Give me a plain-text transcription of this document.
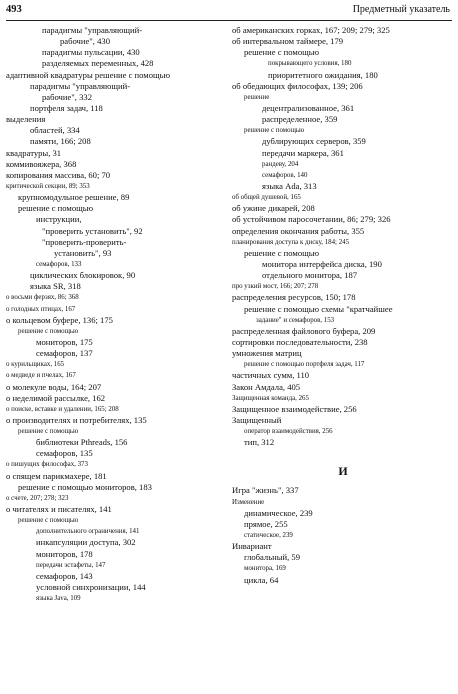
493	Предметный указатель
парадигмы "управляющий-
рабочие", 430
парадигмы пульсации, 430
разделяемых переменных, 428
адаптивной квадратуры решение с помощью
парадигмы "управляющий-
рабочие", 332
портфеля задач, 118
выделения
областей, 334
памяти, 166; 208
квадратуры, 31
коммивояжера, 368
копирования массива, 60; 70
критической секции, 89; 353
крупномодульное решение, 89
решение с помощью
инструкции,
"проверить установить", 92
"проверить-проверить-
установить", 93
семафоров, 133
циклических блокировок, 90
языка SR, 318
о восьми ферзях, 86; 368
о голодных птицах, 167
о кольцевом буфере, 136; 175
решение с помощью
мониторов, 175
семафоров, 137
о курильщиках, 165
о медведе и пчелах, 167
о молекуле воды, 164; 207
о неделимой рассылке, 162
о поиске, вставке и удалении, 165; 208
о производителях и потребителях, 135
решение с помощью
библиотеки Pthreads, 156
семафоров, 135
о пишущих философах, 373
о спящем парикмахере, 181
решение с помощью мониторов, 183
о счете, 207; 278; 323
о читателях и писателях, 141
решение с помощью
дополнительного ограничения, 141
инкапсуляции доступа, 302
мониторов, 178
передачи эстафеты, 147
семафоров, 143
условной синхронизации, 144
языка Java, 109
об американских горках, 167; 209; 279; 325
об интервальном таймере, 179
решение с помощью
покрывающего условия, 180
приоритетного ожидания, 180
об обедающих философах, 139; 206
решение
децентрализованное, 361
распределенное, 359
решение с помощью
дублирующих серверов, 359
передачи маркера, 361
рандеву, 204
семафоров, 140
языка Ada, 313
об общей душевой, 165
об ужине дикарей, 208
об устойчивом паросочетании, 86; 279; 326
определения окончания работы, 355
планирования доступа к диску, 184; 245
решение с помощью
монитора интерфейса диска, 190
отдельного монитора, 187
про узкий мост, 166; 207; 278
распределения ресурсов, 150; 178
решение с помощью схемы "кратчайшее
задание" и семафоров, 153
распределенная файлового буфера, 209
сортировки последовательности, 238
умножения матриц
решение с помощью портфеля задач, 117
частичных сумм, 110
Закон Амдала, 405
Защищенная команда, 265
Защищенное взаимодействие, 256
Защищенный
оператор взаимодействия, 256
тип, 312
И
Игра "жизнь", 337
Изменение
динамическое, 239
прямое, 255
статическое, 239
Инвариант
глобальный, 59
монитора, 169
цикла, 64
